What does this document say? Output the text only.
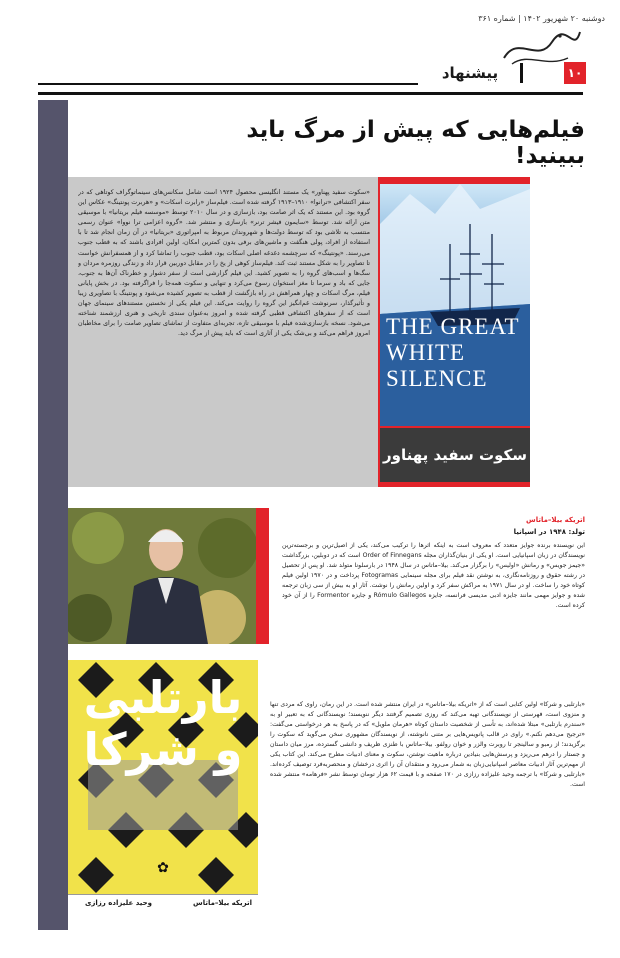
دوشنبه ۲۰ شهریور ۱۴۰۲ | شماره ۳۶۱
۱۰
پیشنهاد
فیلم‌هایی که پیش از مرگ باید ببینید!
«سکوت سفید پهناور» یک مستند انگلیسی محصول ۱۹۲۴ است شامل سکانس‌های سینماتوگراف کوتاهی که در سفر اکتشافی «ترانوا» ۱۹۱۰–۱۹۱۳ گرفته شده است. فیلم‌ساز «رابرت اسکات» و «هربرت پونتینگ» عکاس این گروه بود. این مستند که یک اثر صامت بود، بازسازی و در سال ۲۰۱۰ توسط «موسسه فیلم بریتانیا» با موسیقی متن ارائه شد. توسط «سایمون فیشر ترنر» بازسازی و منتشر شد. «گروه اعزامی ترا نووا» عنوان رسمی منتسب به تلاشی بود که توسط دولت‌ها و شهروندان مربوط به امپراتوری «بریتانیا» در آن زمان انجام شد تا با استفاده از افراد، پولی هنگفت و ماشین‌های برفی بدون کمترین امکان، اولین افرادی باشند که به قطب جنوب می‌رسند. «پونتینگ» که سرچشمه دغدغه اصلی اسکات بود، قطب جنوب را تماشا کرد و از همسفرانش خواست تا تصاویر را به شکل مستند ثبت کند. فیلم‌ساز کوهی از یخ را در مقابل دوربین قرار داد و زندگی روزمره مردان و سگ‌ها و اسب‌های گروه را به تصویر کشید. این فیلم گزارشی است از سفر دشوار و خطرناک آن‌ها به جنوب، جایی که باد و سرما تا مغز استخوان رسوخ می‌کرد و تنهایی و سکوت همه‌جا را فراگرفته بود. در بخش پایانی فیلم، مرگ اسکات و چهار همراهش در راه بازگشت از قطب به تصویر کشیده می‌شود و پونتینگ با تصاویری زیبا و تأثیرگذار، سرنوشت غم‌انگیز این گروه را روایت می‌کند. این فیلم یکی از نخستین مستندهای سینمای جهان است که از سفرهای اکتشافی قطبی گرفته شده و امروز به‌عنوان سندی تاریخی و هنری ارزشمند شناخته می‌شود. نسخه بازسازی‌شده فیلم با موسیقی تازه، تجربه‌ای متفاوت از تماشای تصاویر صامت را برای مخاطبان امروز فراهم می‌کند و بی‌شک یکی از آثاری است که باید پیش از مرگ دید. THE GREAT WHITE SILENCE
سکوت سفید پهناور
اتریکه بیلا–ماتاس
تولد: ۱۹۴۸ در اسپانیا
این نویسنده برنده جوایز متعدد که معروف است به اینکه اثرها را ترکیب می‌کند، یکی از اصیل‌ترین و برجسته‌ترین نویسندگان در زبان اسپانیایی است. او یکی از بنیان‌گذاران مجله Order of Finnegans است که در دوبلین، بزرگداشت «جیمز جویس» و رمانش «اولیس» را برگزار می‌کند. بیلا–ماتاس در سال ۱۹۴۸ در بارسلونا متولد شد. او پس از تحصیل در رشته حقوق و روزنامه‌نگاری، به نوشتن نقد فیلم برای مجله سینمایی Fotogramas پرداخت و در ۱۹۷۰ اولین فیلم کوتاه خود را ساخت. او در سال ۱۹۷۱ به مراکش سفر کرد و اولین رمانش را نوشت. آثار او به بیش از سی زبان ترجمه شده و جوایز مهمی مانند جایزه ادبی مدیسی فرانسه، جایزه Rómulo Gallegos و جایزه Formentor را از آن خود کرده است.
✿
بارتلبی و شرکا
اتریکه بیلا–ماتاس
وحید علیزاده رزازی
«بارتلبی و شرکا» اولین کتابی است که از «اتریکه بیلا–ماتاس» در ایران منتشر شده است. در این رمان، راوی که مردی تنها و منزوی است، فهرستی از نویسندگانی تهیه می‌کند که روزی تصمیم گرفتند دیگر ننویسند؛ نویسندگانی که به تعبیر او به «سندرم بارتلبی» مبتلا شده‌اند، به تأسی از شخصیت داستان کوتاه «هرمان ملویل» که در پاسخ به هر درخواستی می‌گفت: «ترجیح می‌دهم نکنم.» راوی در قالب پانویس‌هایی بر متنی نانوشته، از نویسندگان مشهوری سخن می‌گوید که سکوت را برگزیدند؛ از رمبو و سالینجر تا روبرت والزر و خوان رولفو. بیلا–ماتاس با طنزی ظریف و دانشی گسترده، مرز میان داستان و جستار را درهم می‌ریزد و پرسش‌هایی بنیادین درباره ماهیت نوشتن، سکوت و معنای ادبیات مطرح می‌کند. این کتاب یکی از مهم‌ترین آثار ادبیات معاصر اسپانیایی‌زبان به شمار می‌رود و منتقدان آن را اثری درخشان و منحصربه‌فرد توصیف کرده‌اند. «بارتلبی و شرکا» با ترجمه وحید علیزاده رزازی در ۱۷۰ صفحه و با قیمت ۶۲ هزار تومان توسط نشر «فرهامه» منتشر شده است.
